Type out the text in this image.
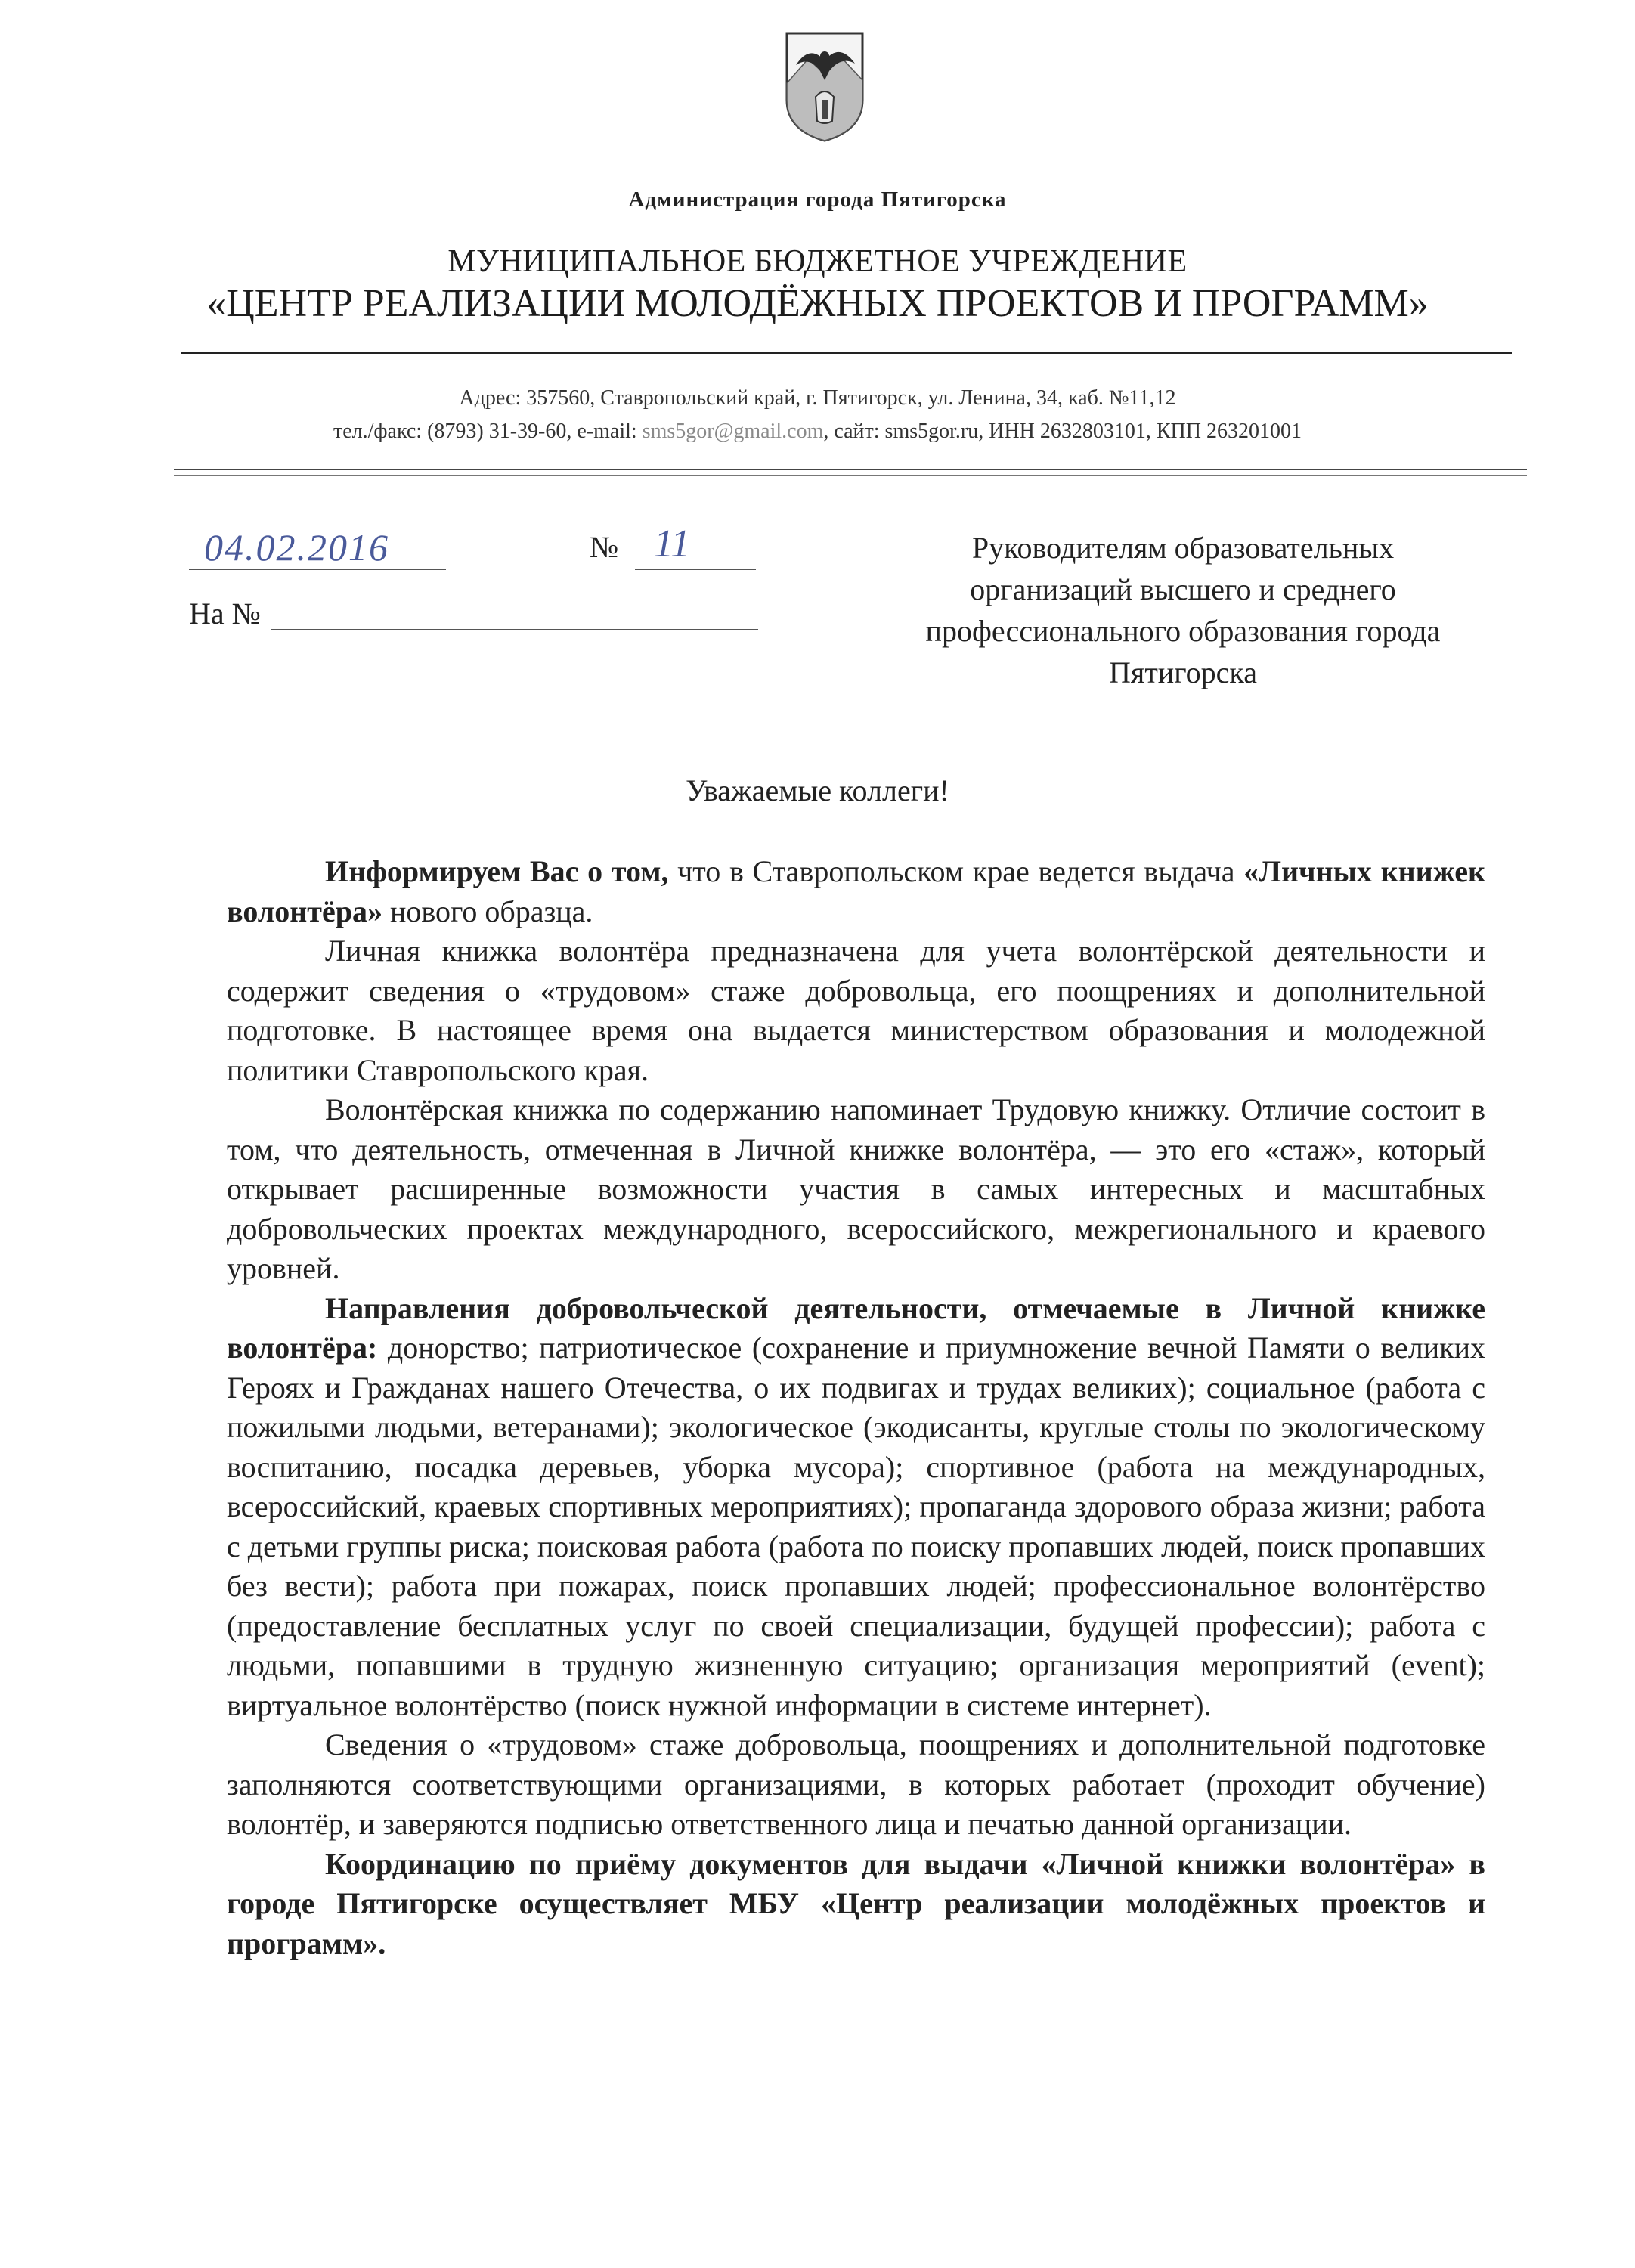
Администрация города Пятигорска
МУНИЦИПАЛЬНОЕ БЮДЖЕТНОЕ УЧРЕЖДЕНИЕ
«ЦЕНТР РЕАЛИЗАЦИИ МОЛОДЁЖНЫХ ПРОЕКТОВ И ПРОГРАММ»
Адрес: 357560, Ставропольский край, г. Пятигорск, ул. Ленина, 34, каб. №11,12
тел./факс: (8793) 31-39-60, e-mail: sms5gor@gmail.com, сайт: sms5gor.ru, ИНН 2632803101, КПП 263201001
04.02.2016	№ 11
На №
Руководителям образовательных
организаций высшего и среднего
профессионального образования города
Пятигорска
Уважаемые коллеги!

Информируем Вас о том, что в Ставропольском крае ведется выдача «Личных книжек волонтёра» нового образца.

Личная книжка волонтёра предназначена для учета волонтёрской деятельности и содержит сведения о «трудовом» стаже добровольца, его поощрениях и дополнительной подготовке. В настоящее время она выдается министерством образования и молодежной политики Ставропольского края.

Волонтёрская книжка по содержанию напоминает Трудовую книжку. Отличие состоит в том, что деятельность, отмеченная в Личной книжке волонтёра, — это его «стаж», который открывает расширенные возможности участия в самых интересных и масштабных добровольческих проектах международного, всероссийского, межрегионального и краевого уровней.

Направления добровольческой деятельности, отмечаемые в Личной книжке волонтёра: донорство; патриотическое (сохранение и приумножение вечной Памяти о великих Героях и Гражданах нашего Отечества, о их подвигах и трудах великих); социальное (работа с пожилыми людьми, ветеранами); экологическое (экодисанты, круглые столы по экологическому воспитанию, посадка деревьев, уборка мусора); спортивное (работа на международных, всероссийский, краевых спортивных мероприятиях); пропаганда здорового образа жизни; работа с детьми группы риска; поисковая работа (работа по поиску пропавших людей, поиск пропавших без вести); работа при пожарах, поиск пропавших людей; профессиональное волонтёрство (предоставление бесплатных услуг по своей специализации, будущей профессии); работа с людьми, попавшими в трудную жизненную ситуацию; организация мероприятий (event); виртуальное волонтёрство (поиск нужной информации в системе интернет).

Сведения о «трудовом» стаже добровольца, поощрениях и дополнительной подготовке заполняются соответствующими организациями, в которых работает (проходит обучение) волонтёр, и заверяются подписью ответственного лица и печатью данной организации.

Координацию по приёму документов для выдачи «Личной книжки волонтёра» в городе Пятигорске осуществляет МБУ «Центр реализации молодёжных проектов и программ».
